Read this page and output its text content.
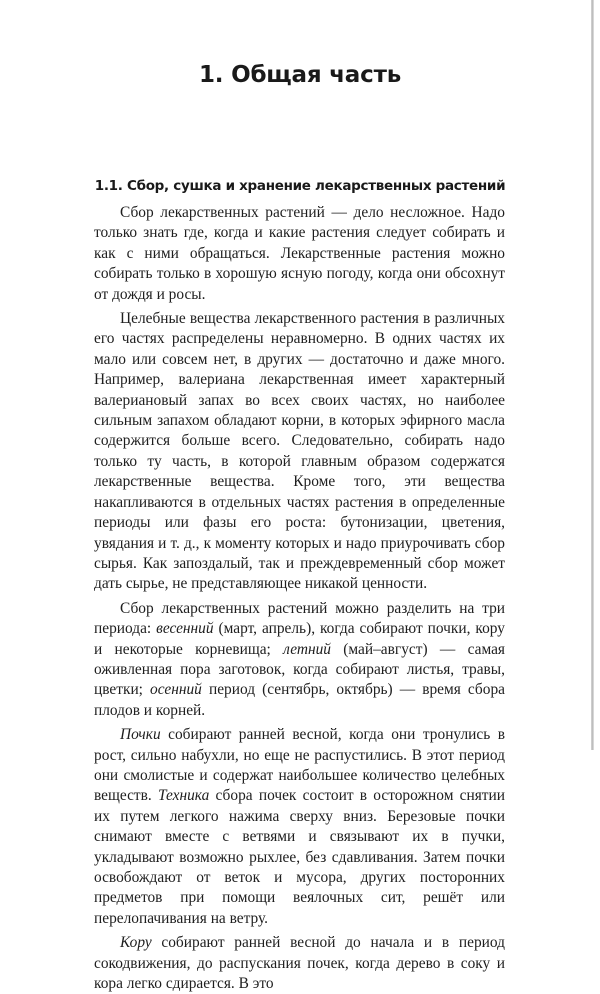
1. Общая часть
1.1. Сбор, сушка и хранение лекарственных растений

Сбор лекарственных растений — дело несложное. Надо только знать где, когда и какие растения следует собирать и как с ними обращаться. Лекарственные растения можно собирать только в хорошую ясную погоду, когда они обсохнут от дождя и росы.

Целебные вещества лекарственного растения в различных его частях распределены неравномерно. В одних частях их мало или совсем нет, в других — достаточно и даже много. Например, валериана лекарственная имеет характерный валериановый запах во всех своих частях, но наиболее сильным запахом обладают корни, в которых эфирного масла содержится больше всего. Следовательно, собирать надо только ту часть, в которой главным образом содержатся лекарственные вещества. Кроме того, эти вещества накапливаются в отдельных частях растения в определенные периоды или фазы его роста: бутонизации, цветения, увядания и т. д., к моменту которых и надо приурочивать сбор сырья. Как запоздалый, так и преждевременный сбор может дать сырье, не представляющее никакой ценности.

Сбор лекарственных растений можно разделить на три периода: весенний (март, апрель), когда собирают почки, кору и некоторые корневища; летний (май–август) — самая оживленная пора заготовок, когда собирают листья, травы, цветки; осенний период (сентябрь, октябрь) — время сбора плодов и корней.

Почки собирают ранней весной, когда они тронулись в рост, сильно набухли, но еще не распустились. В этот период они смолистые и содержат наибольшее количество целебных веществ. Техника сбора почек состоит в осторожном снятии их путем легкого нажима сверху вниз. Березовые почки снимают вместе с ветвями и связывают их в пучки, укладывают возможно рыхлее, без сдавливания. Затем почки освобождают от веток и мусора, других посторонних предметов при помощи веялочных сит, решёт или перелопачивания на ветру.

Кору собирают ранней весной до начала и в период сокодвижения, до распускания почек, когда дерево в соку и кора легко сдирается. В это
